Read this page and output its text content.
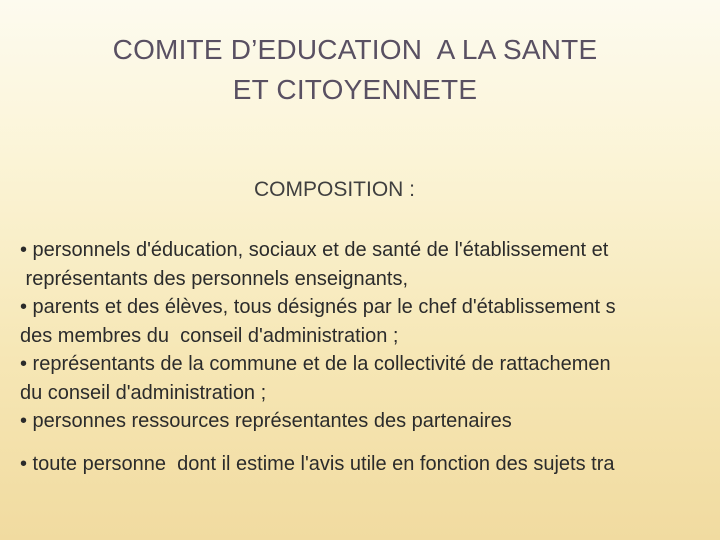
COMITE D’EDUCATION  A LA SANTE
ET CITOYENNETE
COMPOSITION :
• personnels d'éducation, sociaux et de santé de l'établissement et
représentants des personnels enseignants,
• parents et des élèves, tous désignés par le chef d'établissement s
des membres du  conseil d'administration ;
• représentants de la commune et de la collectivité de rattachemen
du conseil d'administration ;
• personnes ressources représentantes des partenaires
• toute personne  dont il estime l'avis utile en fonction des sujets tra
